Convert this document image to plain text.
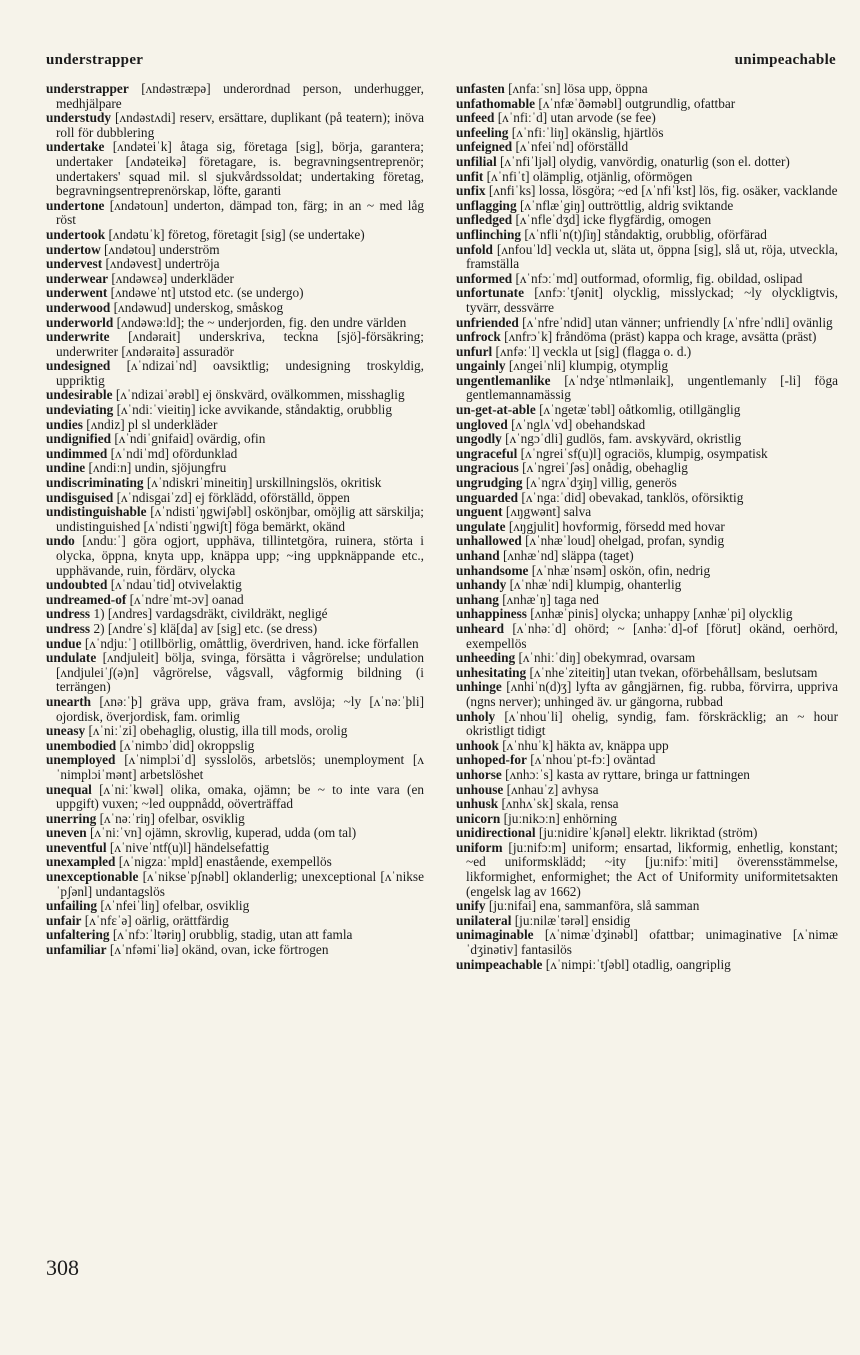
understrapper	unimpeachable

understrapper [ʌndəstræpə] underordnad person, underhugger, medhjälpare

understudy [ʌndəstʌdi] reserv, ersättare, duplikant (på teatern); inöva roll för dubblering

undertake [ʌndəteiˈk] åtaga sig, företaga [sig], börja, garantera; undertaker [ʌndəteikə] företagare, is. begravningsentreprenör; undertakers' squad mil. sl sjukvårdssoldat; undertaking företag, begravningsentreprenörskap, löfte, garanti

undertone [ʌndətoun] underton, dämpad ton, färg; in an ~ med låg röst

undertook [ʌndətuˈk] företog, företagit [sig] (se undertake)

undertow [ʌndətou] underström

undervest [ʌndəvest] undertröja

underwear [ʌndəwεə] underkläder

underwent [ʌndəweˈnt] utstod etc. (se undergo)

underwood [ʌndəwud] underskog, småskog

underworld [ʌndəwəːld]; the ~ underjorden, fig. den undre världen

underwrite [ʌndərait] underskriva, teckna [sjö]-försäkring; underwriter [ʌndəraitə] assuradör

undesigned [ʌˈndizaiˈnd] oavsiktlig; undesigning troskyldig, uppriktig

undesirable [ʌˈndizaiˈərəbl] ej önskvärd, ovälkommen, misshaglig

undeviating [ʌˈndiːˈvieitiŋ] icke avvikande, ståndaktig, orubblig

undies [ʌndiz] pl sl underkläder

undignified [ʌˈndiˈgnifaid] ovärdig, ofin

undimmed [ʌˈndiˈmd] ofördunklad

undine [ʌndiːn] undin, sjöjungfru

undiscriminating [ʌˈndiskriˈmineitiŋ] urskillningslös, okritisk

undisguised [ʌˈndisgaiˈzd] ej förklädd, oförställd, öppen

undistinguishable [ʌˈndistiˈŋgwiʃəbl] oskönjbar, omöjlig att särskilja; undistinguished [ʌˈndistiˈŋgwiʃt] föga bemärkt, okänd

undo [ʌnduːˈ] göra ogjort, upphäva, tillintetgöra, ruinera, störta i olycka, öppna, knyta upp, knäppa upp; ~ing uppknäppande etc., upphävande, ruin, fördärv, olycka

undoubted [ʌˈndauˈtid] otvivelaktig

undreamed-of [ʌˈndreˈmt-ɔv] oanad

undress 1) [ʌndres] vardagsdräkt, civildräkt, negligé

undress 2) [ʌndreˈs] klä[da] av [sig] etc. (se dress)

undue [ʌˈndjuːˈ] otillbörlig, omåttlig, överdriven, hand. icke förfallen

undulate [ʌndjuleit] bölja, svinga, försätta i vågrörelse; undulation [ʌndjuleiˈʃ(ə)n] vågrörelse, vågsvall, vågformig bildning (i terrängen)

unearth [ʌnəːˈþ] gräva upp, gräva fram, avslöja; ~ly [ʌˈnəːˈþli] ojordisk, överjordisk, fam. orimlig

uneasy [ʌˈniːˈzi] obehaglig, olustig, illa till mods, orolig

unembodied [ʌˈnimbɔˈdid] okroppslig

unemployed [ʌˈnimplɔiˈd] sysslolös, arbetslös; unemployment [ʌˈnimplɔiˈmənt] arbetslöshet

unequal [ʌˈniːˈkwəl] olika, omaka, ojämn; be ~ to inte vara (en uppgift) vuxen; ~led ouppnådd, oöverträffad

unerring [ʌˈnəːˈriŋ] ofelbar, osviklig

uneven [ʌˈniːˈvn] ojämn, skrovlig, kuperad, udda (om tal)

uneventful [ʌˈniveˈntf(u)l] händelsefattig

unexampled [ʌˈnigzaːˈmpld] enastående, exempellös

unexceptionable [ʌˈnikseˈpʃnəbl] oklanderlig; unexceptional [ʌˈnikseˈpʃənl] undantagslös

unfailing [ʌˈnfeiˈliŋ] ofelbar, osviklig

unfair [ʌˈnfεˈə] oärlig, orättfärdig

unfaltering [ʌˈnfɔːˈltəriŋ] orubblig, stadig, utan att famla

unfamiliar [ʌˈnfəmiˈliə] okänd, ovan, icke förtrogen

unfasten [ʌnfaːˈsn] lösa upp, öppna

unfathomable [ʌˈnfæˈðəməbl] outgrundlig, ofattbar

unfeed [ʌˈnfiːˈd] utan arvode (se fee)

unfeeling [ʌˈnfiːˈliŋ] okänslig, hjärtlös

unfeigned [ʌˈnfeiˈnd] oförställd

unfilial [ʌˈnfiˈljəl] olydig, vanvördig, onaturlig (son el. dotter)

unfit [ʌˈnfiˈt] olämplig, otjänlig, oförmögen

unfix [ʌnfiˈks] lossa, lösgöra; ~ed [ʌˈnfiˈkst] lös, fig. osäker, vacklande

unflagging [ʌˈnflæˈgiŋ] outtröttlig, aldrig sviktande

unfledged [ʌˈnfleˈdʒd] icke flygfärdig, omogen

unflinching [ʌˈnfliˈn(t)ʃiŋ] ståndaktig, orubblig, oförfärad

unfold [ʌnfouˈld] veckla ut, släta ut, öppna [sig], slå ut, röja, utveckla, framställa

unformed [ʌˈnfɔːˈmd] outformad, oformlig, fig. obildad, oslipad

unfortunate [ʌnfɔːˈtʃənit] olycklig, misslyckad; ~ly olyckligtvis, tyvärr, dessvärre

unfriended [ʌˈnfreˈndid] utan vänner; unfriendly [ʌˈnfreˈndli] ovänlig

unfrock [ʌnfrɔˈk] fråndöma (präst) kappa och krage, avsätta (präst)

unfurl [ʌnfəːˈl] veckla ut [sig] (flagga o. d.)

ungainly [ʌngeiˈnli] klumpig, otymplig

ungentlemanlike [ʌˈndʒeˈntlmənlaik], ungentlemanly [-li] föga gentlemannamässig

un-get-at-able [ʌˈngetæˈtəbl] oåtkomlig, otillgänglig

ungloved [ʌˈnglʌˈvd] obehandskad

ungodly [ʌˈngɔˈdli] gudlös, fam. avskyvärd, okristlig

ungraceful [ʌˈngreiˈsf(u)l] ograciös, klumpig, osympatisk

ungracious [ʌˈngreiˈʃəs] onådig, obehaglig

ungrudging [ʌˈngrʌˈdʒiŋ] villig, generös

unguarded [ʌˈngaːˈdid] obevakad, tanklös, oförsiktig

unguent [ʌŋgwənt] salva

ungulate [ʌŋgjulit] hovformig, försedd med hovar

unhallowed [ʌˈnhæˈloud] ohelgad, profan, syndig

unhand [ʌnhæˈnd] släppa (taget)

unhandsome [ʌˈnhæˈnsəm] oskön, ofin, nedrig

unhandy [ʌˈnhæˈndi] klumpig, ohanterlig

unhang [ʌnhæˈŋ] taga ned

unhappiness [ʌnhæˈpinis] olycka; unhappy [ʌnhæˈpi] olycklig

unheard [ʌˈnhəːˈd] ohörd; ~ [ʌnhəːˈd]-of [förut] okänd, oerhörd, exempellös

unheeding [ʌˈnhiːˈdiŋ] obekymrad, ovarsam

unhesitating [ʌˈnheˈziteitiŋ] utan tvekan, oförbehållsam, beslutsam

unhinge [ʌnhiˈn(d)ʒ] lyfta av gångjärnen, fig. rubba, förvirra, uppriva (ngns nerver); unhinged äv. ur gängorna, rubbad

unholy [ʌˈnhouˈli] ohelig, syndig, fam. förskräcklig; an ~ hour okristligt tidigt

unhook [ʌˈnhuˈk] häkta av, knäppa upp

unhoped-for [ʌˈnhouˈpt-fɔː] oväntad

unhorse [ʌnhɔːˈs] kasta av ryttare, bringa ur fattningen

unhouse [ʌnhauˈz] avhysa

unhusk [ʌnhʌˈsk] skala, rensa

unicorn [juːnikɔːn] enhörning

unidirectional [juːnidireˈkʃənəl] elektr. likriktad (ström)

uniform [juːnifɔːm] uniform; ensartad, likformig, enhetlig, konstant; ~ed uniformsklädd; ~ity [juːnifɔːˈmiti] överensstämmelse, likformighet, enformighet; the Act of Uniformity uniformitetsakten (engelsk lag av 1662)

unify [juːnifai] ena, sammanföra, slå samman

unilateral [juːnilæˈtərəl] ensidig

unimaginable [ʌˈnimæˈdʒinəbl] ofattbar; unimaginative [ʌˈnimæˈdʒinətiv] fantasilös

unimpeachable [ʌˈnimpiːˈtʃəbl] otadlig, oangriplig

308
